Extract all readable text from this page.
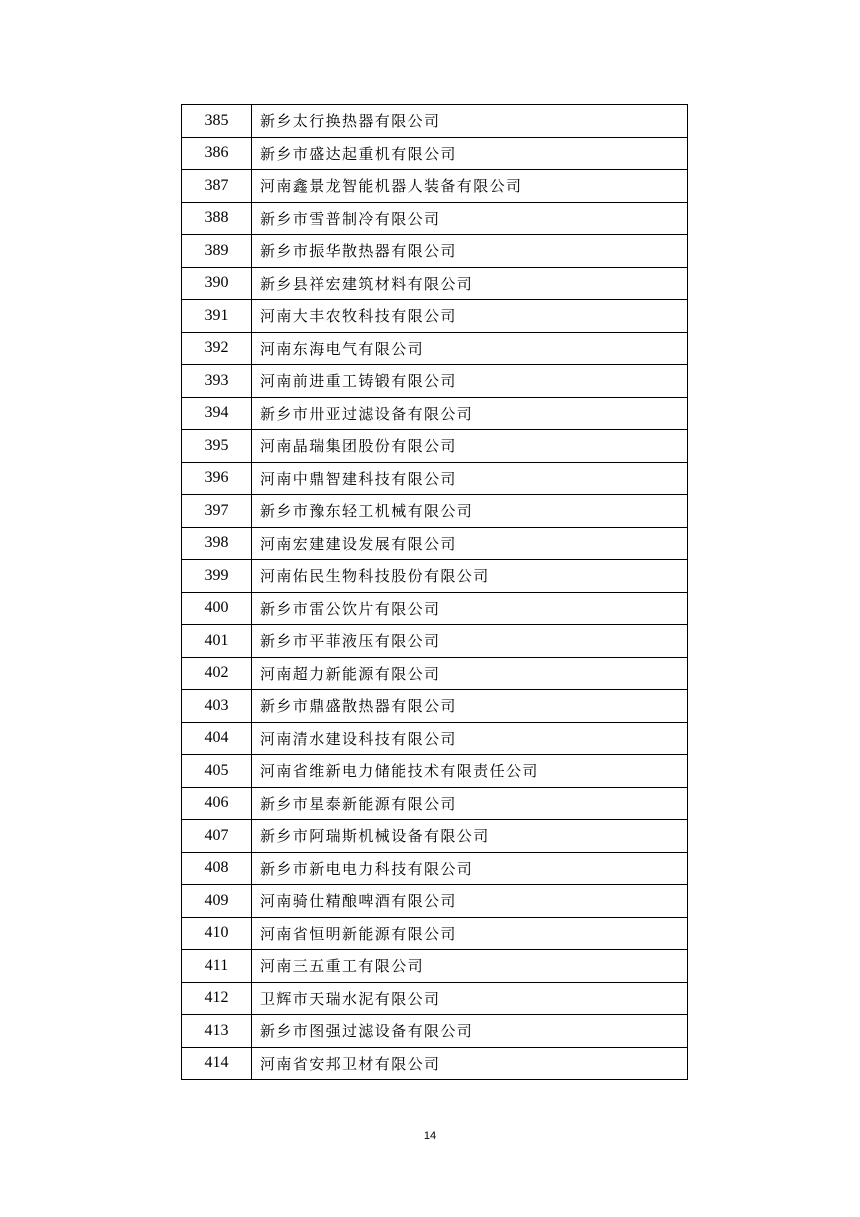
385	新乡太行换热器有限公司
386	新乡市盛达起重机有限公司
387	河南鑫景龙智能机器人装备有限公司
388	新乡市雪普制冷有限公司
389	新乡市振华散热器有限公司
390	新乡县祥宏建筑材料有限公司
391	河南大丰农牧科技有限公司
392	河南东海电气有限公司
393	河南前进重工铸锻有限公司
394	新乡市卅亚过滤设备有限公司
395	河南晶瑞集团股份有限公司
396	河南中鼎智建科技有限公司
397	新乡市豫东轻工机械有限公司
398	河南宏建建设发展有限公司
399	河南佑民生物科技股份有限公司
400	新乡市雷公饮片有限公司
401	新乡市平菲液压有限公司
402	河南超力新能源有限公司
403	新乡市鼎盛散热器有限公司
404	河南清水建设科技有限公司
405	河南省维新电力储能技术有限责任公司
406	新乡市星泰新能源有限公司
407	新乡市阿瑞斯机械设备有限公司
408	新乡市新电电力科技有限公司
409	河南骑仕精酿啤酒有限公司
410	河南省恒明新能源有限公司
411	河南三五重工有限公司
412	卫辉市天瑞水泥有限公司
413	新乡市图强过滤设备有限公司
414	河南省安邦卫材有限公司
14
